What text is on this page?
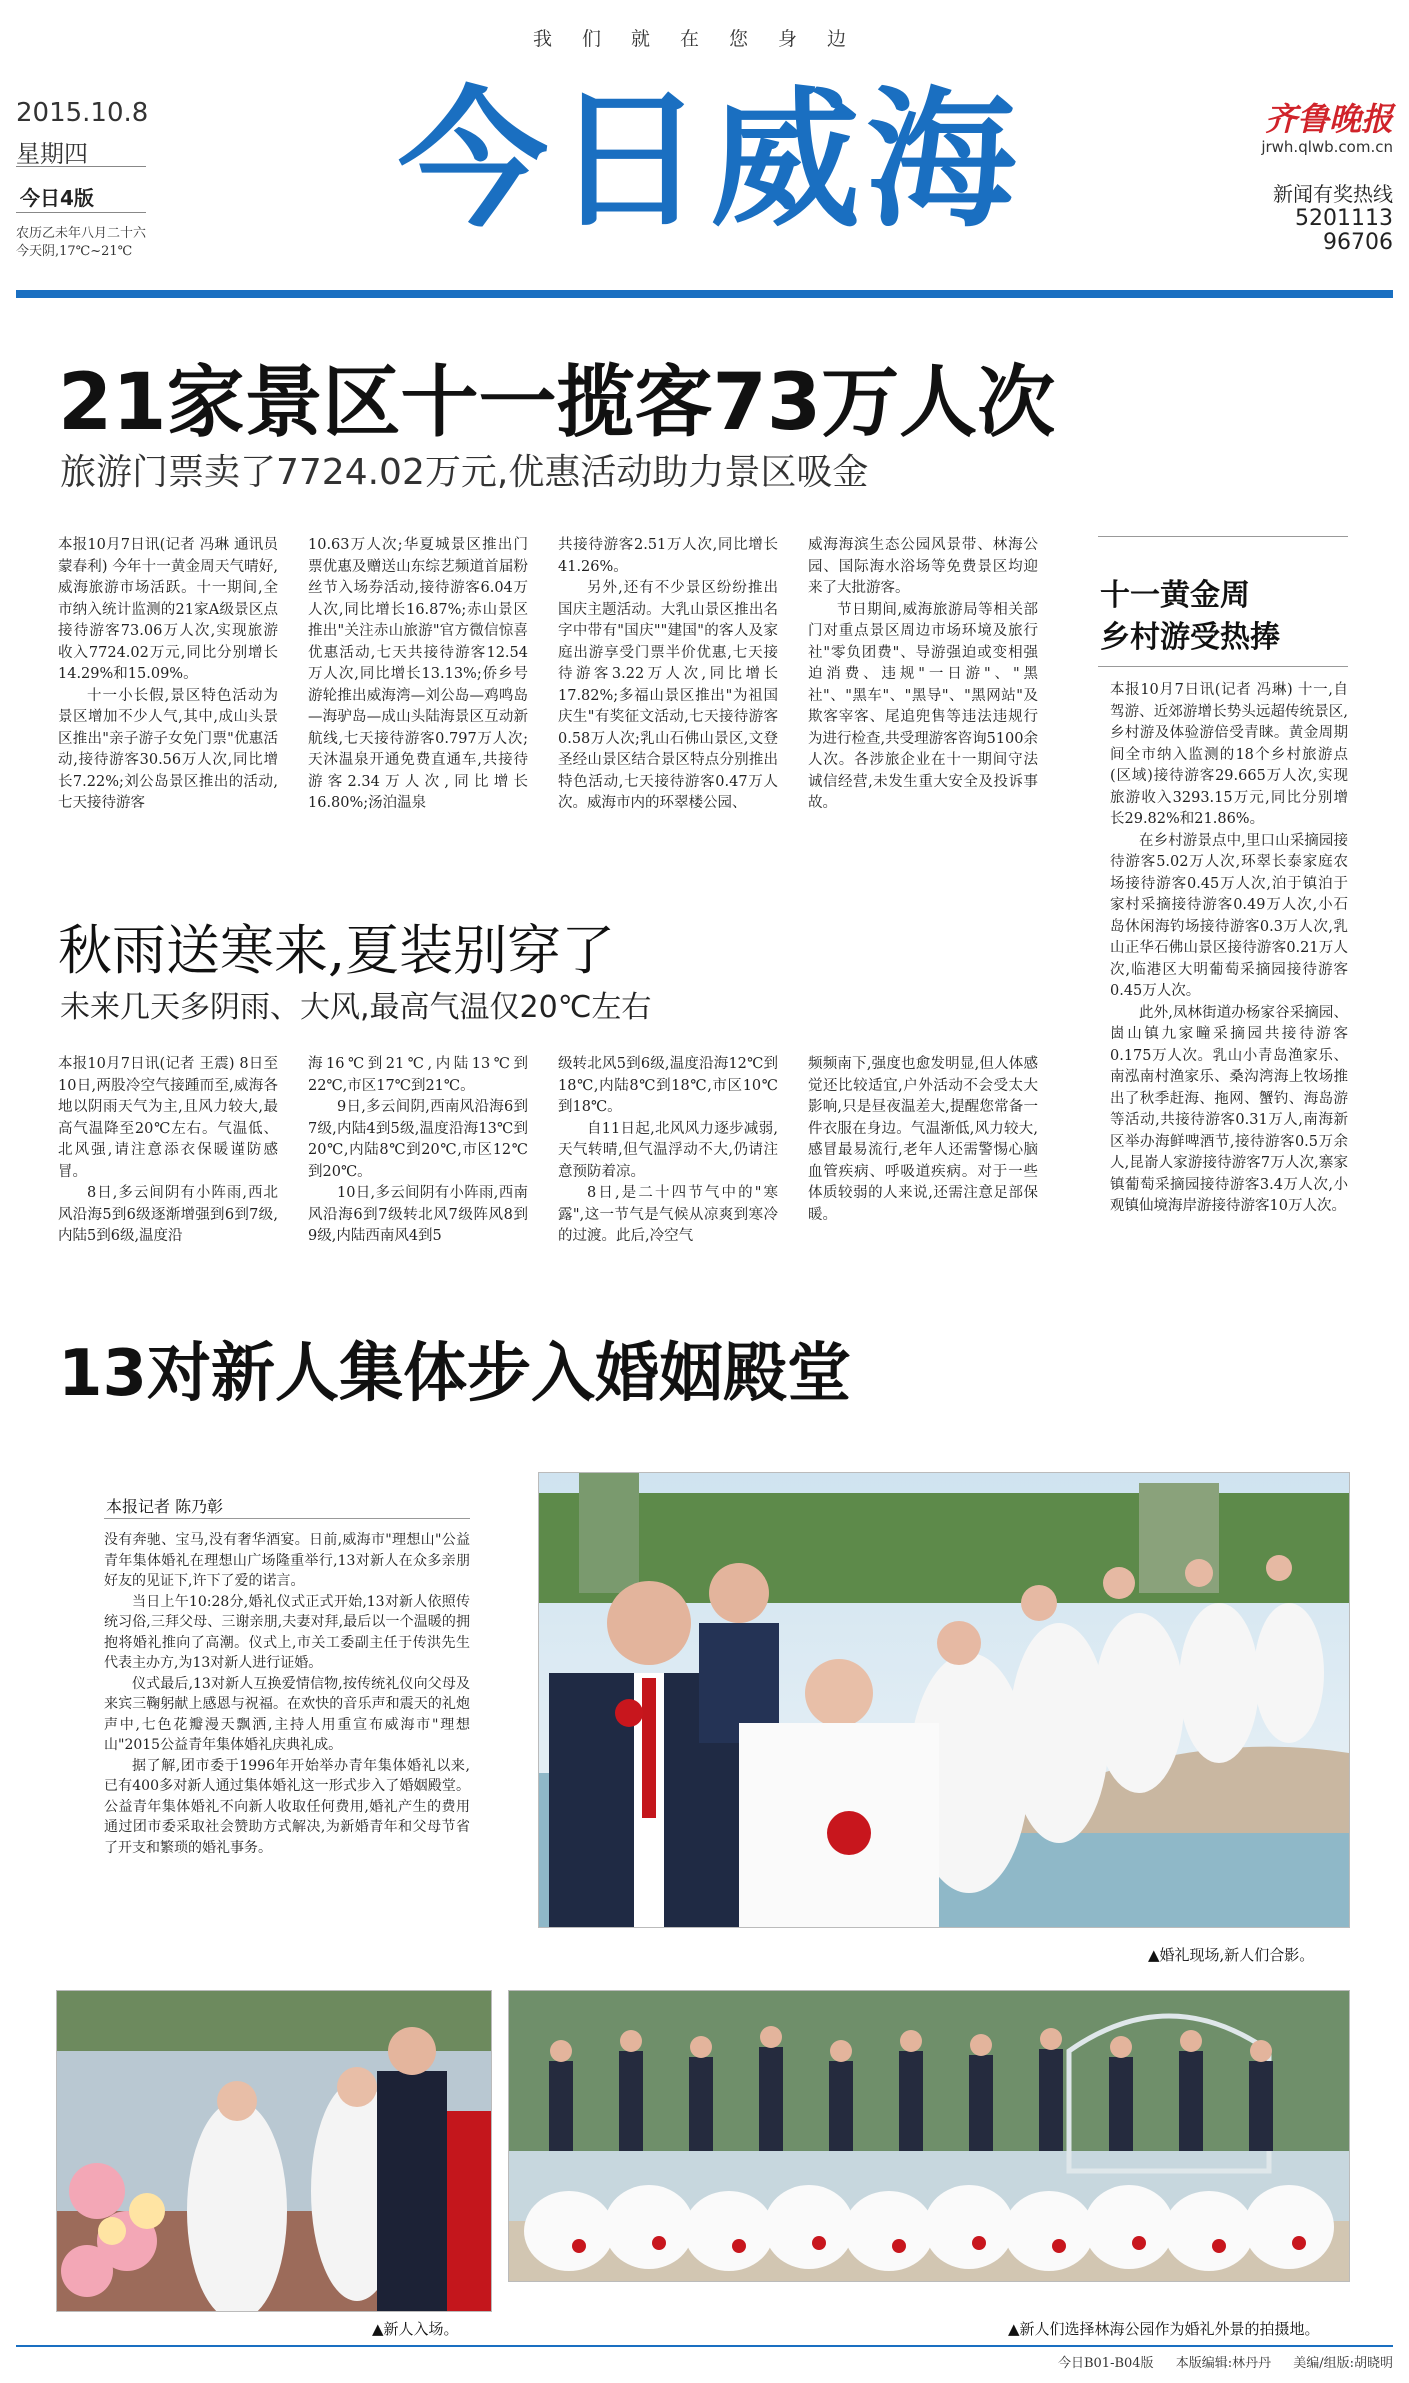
我们就在您身边
2015.10.8
星期四
今日4版
农历乙未年八月二十六
今天阴,17℃~21℃
今日威海	齐鲁晚报
jrwh.qlwb.com.cn
新闻有奖热线
5201113
96706
21家景区十一揽客73万人次
旅游门票卖了7724.02万元,优惠活动助力景区吸金

本报10月7日讯(记者 冯琳 通讯员 蒙春利) 今年十一黄金周天气晴好,威海旅游市场活跃。十一期间,全市纳入统计监测的21家A级景区点接待游客73.06万人次,实现旅游收入7724.02万元,同比分别增长14.29%和15.09%。

十一小长假,景区特色活动为景区增加不少人气,其中,成山头景区推出"亲子游子女免门票"优惠活动,接待游客30.56万人次,同比增长7.22%;刘公岛景区推出的活动,七天接待游客

10.63万人次;华夏城景区推出门票优惠及赠送山东综艺频道首届粉丝节入场券活动,接待游客6.04万人次,同比增长16.87%;赤山景区推出"关注赤山旅游"官方微信惊喜优惠活动,七天共接待游客12.54万人次,同比增长13.13%;侨乡号游轮推出威海湾—刘公岛—鸡鸣岛—海驴岛—成山头陆海景区互动新航线,七天接待游客0.797万人次;天沐温泉开通免费直通车,共接待游客2.34万人次,同比增长16.80%;汤泊温泉

共接待游客2.51万人次,同比增长41.26%。

另外,还有不少景区纷纷推出国庆主题活动。大乳山景区推出名字中带有"国庆""建国"的客人及家庭出游享受门票半价优惠,七天接待游客3.22万人次,同比增长17.82%;多福山景区推出"为祖国庆生"有奖征文活动,七天接待游客0.58万人次;乳山石佛山景区,文登圣经山景区结合景区特点分别推出特色活动,七天接待游客0.47万人次。威海市内的环翠楼公园、

威海海滨生态公园风景带、林海公园、国际海水浴场等免费景区均迎来了大批游客。

节日期间,威海旅游局等相关部门对重点景区周边市场环境及旅行社"零负团费"、导游强迫或变相强迫消费、违规"一日游"、"黑社"、"黑车"、"黑导"、"黑网站"及欺客宰客、尾追兜售等违法违规行为进行检查,共受理游客咨询5100余人次。各涉旅企业在十一期间守法诚信经营,未发生重大安全及投诉事故。

十一黄金周
乡村游受热捧

本报10月7日讯(记者 冯琳) 十一,自驾游、近郊游增长势头远超传统景区,乡村游及体验游倍受青睐。黄金周期间全市纳入监测的18个乡村旅游点(区域)接待游客29.665万人次,实现旅游收入3293.15万元,同比分别增长29.82%和21.86%。

在乡村游景点中,里口山采摘园接待游客5.02万人次,环翠长泰家庭农场接待游客0.45万人次,泊于镇泊于家村采摘接待游客0.49万人次,小石岛休闲海钓场接待游客0.3万人次,乳山正华石佛山景区接待游客0.21万人次,临港区大明葡萄采摘园接待游客0.45万人次。

此外,凤林街道办杨家谷采摘园、崮山镇九家疃采摘园共接待游客0.175万人次。乳山小青岛渔家乐、南泓南村渔家乐、桑沟湾海上牧场推出了秋季赶海、拖网、蟹钓、海岛游等活动,共接待游客0.31万人,南海新区举办海鲜啤酒节,接待游客0.5万余人,昆嵛人家游接待游客7万人次,寨家镇葡萄采摘园接待游客3.4万人次,小观镇仙境海岸游接待游客10万人次。

秋雨送寒来,夏装别穿了
未来几天多阴雨、大风,最高气温仅20℃左右

本报10月7日讯(记者 王震) 8日至10日,两股冷空气接踵而至,威海各地以阴雨天气为主,且风力较大,最高气温降至20℃左右。气温低、北风强,请注意添衣保暖谨防感冒。

8日,多云间阴有小阵雨,西北风沿海5到6级逐渐增强到6到7级,内陆5到6级,温度沿

海16℃到21℃,内陆13℃到22℃,市区17℃到21℃。

9日,多云间阴,西南风沿海6到7级,内陆4到5级,温度沿海13℃到20℃,内陆8℃到20℃,市区12℃到20℃。

10日,多云间阴有小阵雨,西南风沿海6到7级转北风7级阵风8到9级,内陆西南风4到5

级转北风5到6级,温度沿海12℃到18℃,内陆8℃到18℃,市区10℃到18℃。

自11日起,北风风力逐步减弱,天气转晴,但气温浮动不大,仍请注意预防着凉。

8日,是二十四节气中的"寒露",这一节气是气候从凉爽到寒冷的过渡。此后,冷空气

频频南下,强度也愈发明显,但人体感觉还比较适宜,户外活动不会受太大影响,只是昼夜温差大,提醒您常备一件衣服在身边。气温渐低,风力较大,感冒最易流行,老年人还需警惕心脑血管疾病、呼吸道疾病。对于一些体质较弱的人来说,还需注意足部保暖。

13对新人集体步入婚姻殿堂
本报记者 陈乃彰

没有奔驰、宝马,没有奢华酒宴。日前,威海市"理想山"公益青年集体婚礼在理想山广场隆重举行,13对新人在众多亲朋好友的见证下,许下了爱的诺言。

当日上午10:28分,婚礼仪式正式开始,13对新人依照传统习俗,三拜父母、三谢亲朋,夫妻对拜,最后以一个温暖的拥抱将婚礼推向了高潮。仪式上,市关工委副主任于传洪先生代表主办方,为13对新人进行证婚。

仪式最后,13对新人互换爱情信物,按传统礼仪向父母及来宾三鞠躬献上感恩与祝福。在欢快的音乐声和震天的礼炮声中,七色花瓣漫天飘洒,主持人用重宣布威海市"理想山"2015公益青年集体婚礼庆典礼成。

据了解,团市委于1996年开始举办青年集体婚礼以来,已有400多对新人通过集体婚礼这一形式步入了婚姻殿堂。公益青年集体婚礼不向新人收取任何费用,婚礼产生的费用通过团市委采取社会赞助方式解决,为新婚青年和父母节省了开支和繁琐的婚礼事务。

▲婚礼现场,新人们合影。
▲新人入场。	▲新人们选择林海公园作为婚礼外景的拍摄地。
今日B01-B04版 本版编辑:林丹丹 美编/组版:胡晓明
